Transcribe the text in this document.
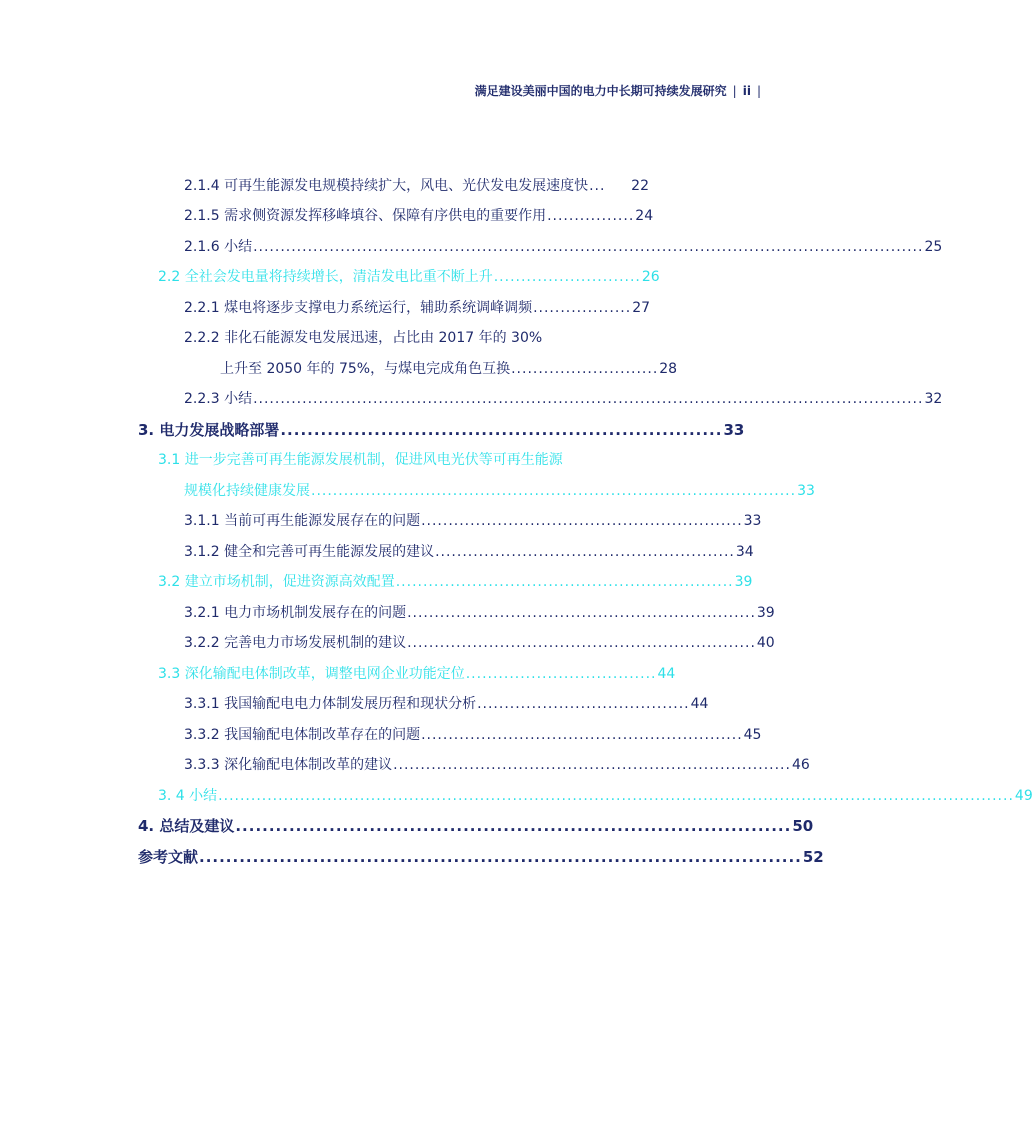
满足建设美丽中国的电力中长期可持续发展研究 | ii |
2.1.4 可再生能源发电规模持续扩大，风电、光伏发电发展速度快 ...	22
2.1.5 需求侧资源发挥移峰填谷、保障有序供电的重要作用 ................ 24
2.1.6 小结 ........................................................................................................................... 25
2.2 全社会发电量将持续增长，清洁发电比重不断上升 ........................... 26
2.2.1 煤电将逐步支撑电力系统运行，辅助系统调峰调频 .................. 27
2.2.2 非化石能源发电发展迅速，占比由 2017 年的 30%
上升至 2050 年的 75%，与煤电完成角色互换 ........................... 28
2.2.3 小结 ........................................................................................................................... 32
3. 电力发展战略部署 .................................................................. 33
3.1 进一步完善可再生能源发展机制，促进风电光伏等可再生能源
规模化持续健康发展 ......................................................................................... 33
3.1.1 当前可再生能源发展存在的问题 ........................................................... 33
3.1.2 健全和完善可再生能源发展的建议 ....................................................... 34
3.2 建立市场机制，促进资源高效配置 .............................................................. 39
3.2.1 电力市场机制发展存在的问题 ................................................................ 39
3.2.2 完善电力市场发展机制的建议 ................................................................ 40
3.3 深化输配电体制改革，调整电网企业功能定位 ................................... 44
3.3.1 我国输配电电力体制发展历程和现状分析 ....................................... 44
3.3.2 我国输配电体制改革存在的问题 ........................................................... 45
3.3.3 深化输配电体制改革的建议 ......................................................................... 46
3. 4 小结 .................................................................................................................................................. 49
4. 总结及建议 ................................................................................... 50
参考文献 .......................................................................................... 52
